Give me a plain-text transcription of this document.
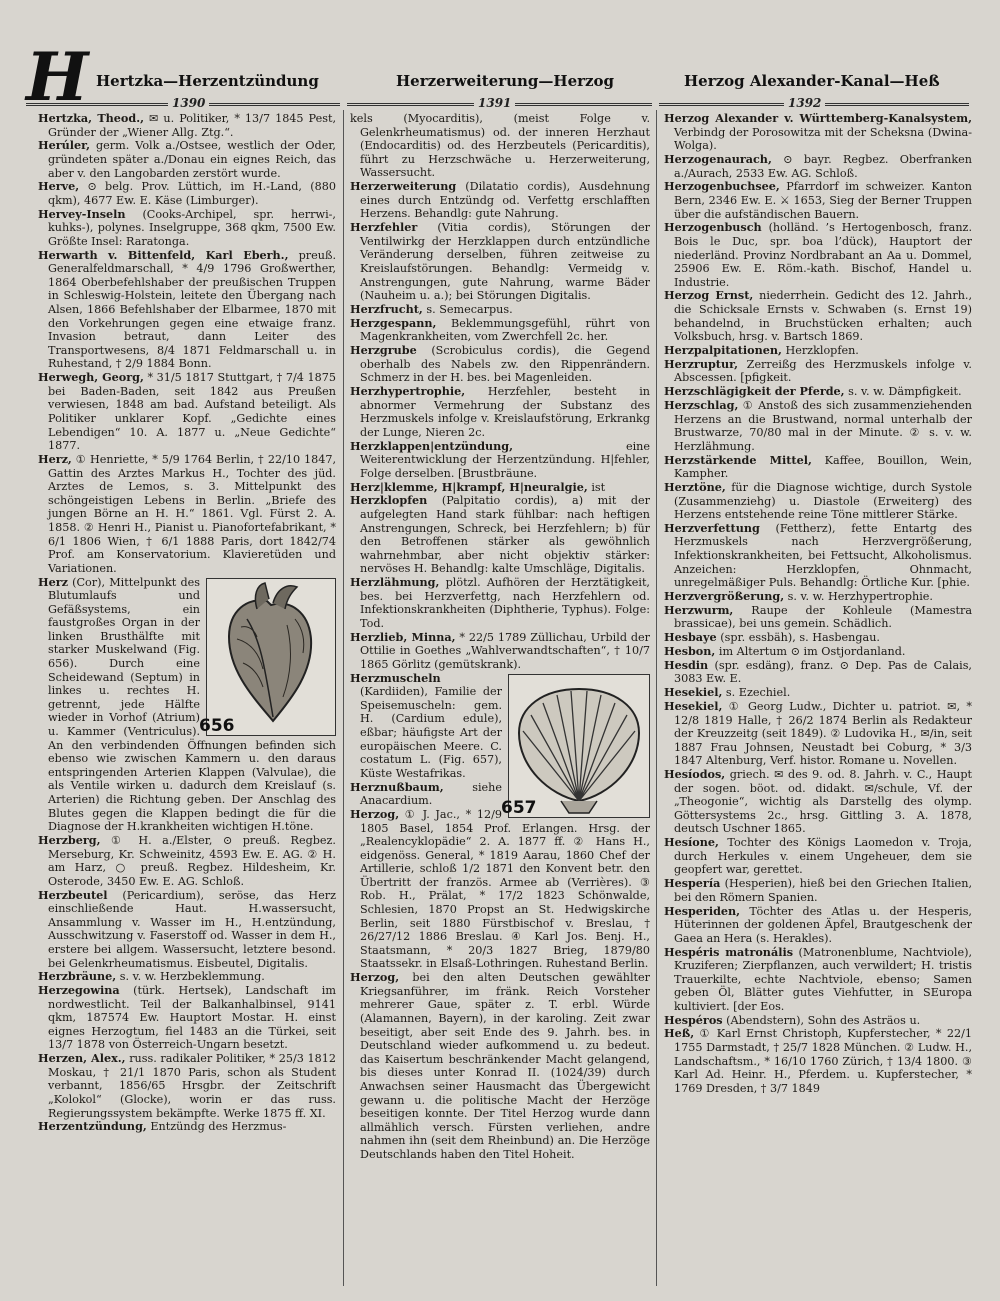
H Hertzka—Herzentzündung	Herzerweiterung—Herzog	Herzog Alexander-Kanal—Heß
1390	1391	1392

Hertzka, Theod., ✉ u. Politiker, * 13/7 1845 Pest, Gründer der „Wiener Allg. Ztg.“.

Herúler, germ. Volk a./Ostsee, westlich der Oder, gründeten später a./Donau ein eignes Reich, das aber v. den Langobarden zerstört wurde.

Herve, ⊙ belg. Prov. Lüttich, im H.-Land, (880 qkm), 4677 Ew. E. Käse (Limburger).

Hervey-Inseln (Cooks-Archipel, spr. herrwi-, kuhks-), polynes. Inselgruppe, 368 qkm, 7500 Ew. Größte Insel: Raratonga.

Herwarth v. Bittenfeld, Karl Eberh., preuß. Generalfeldmarschall, * 4/9 1796 Großwerther, 1864 Oberbefehlshaber der preußischen Truppen in Schleswig-Holstein, leitete den Übergang nach Alsen, 1866 Befehlshaber der Elbarmee, 1870 mit den Vorkehrungen gegen eine etwaige franz. Invasion betraut, dann Leiter des Transportwesens, 8/4 1871 Feldmarschall u. in Ruhestand, † 2/9 1884 Bonn.

Herwegh, Georg, * 31/5 1817 Stuttgart, † 7/4 1875 bei Baden-Baden, seit 1842 aus Preußen verwiesen, 1848 am bad. Aufstand beteiligt. Als Politiker unklarer Kopf. „Gedichte eines Lebendigen“ 10. A. 1877 u. „Neue Gedichte“ 1877.

Herz, ① Henriette, * 5/9 1764 Berlin, † 22/10 1847, Gattin des Arztes Markus H., Tochter des jüd. Arztes de Lemos, s. 3. Mittelpunkt des schöngeistigen Lebens in Berlin. „Briefe des jungen Börne an H. H.“ 1861. Vgl. Fürst 2. A. 1858. ② Henri H., Pianist u. Pianofortefabrikant, * 6/1 1806 Wien, † 6/1 1888 Paris, dort 1842/74 Prof. am Konservatorium. Klavieretüden und Variationen.

656
Herz (Cor), Mittelpunkt des Blutumlaufs und Gefäßsystems, ein faustgroßes Organ in der linken Brusthälfte mit starker Muskelwand (Fig. 656). Durch eine Scheidewand (Septum) in linkes u. rechtes H. getrennt, jede Hälfte wieder in Vorhof (Atrium) u. Kammer (Ventriculus). An den verbindenden Öffnungen befinden sich ebenso wie zwischen Kammern u. den daraus entspringenden Arterien Klappen (Valvulae), die als Ventile wirken u. dadurch dem Kreislauf (s. Arterien) die Richtung geben. Der Anschlag des Blutes gegen die Klappen bedingt die für die Diagnose der H.krankheiten wichtigen H.töne.

Herzberg, ① H. a./Elster, ⊙ preuß. Regbez. Merseburg, Kr. Schweinitz, 4593 Ew. E. AG. ② H. am Harz, ○ preuß. Regbez. Hildesheim, Kr. Osterode, 3450 Ew. E. AG. Schloß.

Herzbeutel (Pericardium), seröse, das Herz einschließende Haut. H.wassersucht, Ansammlung v. Wasser im H., H.entzündung, Ausschwitzung v. Faserstoff od. Wasser in dem H., erstere bei allgem. Wassersucht, letztere besond. bei Gelenkrheumatismus. Eisbeutel, Digitalis.

Herzbräune, s. v. w. Herzbeklemmung.

Herzegowina (türk. Hertsek), Landschaft im nordwestlicht. Teil der Balkanhalbinsel, 9141 qkm, 187574 Ew. Hauptort Mostar. H. einst eignes Herzogtum, fiel 1483 an die Türkei, seit 13/7 1878 von Österreich-Ungarn besetzt.

Herzen, Alex., russ. radikaler Politiker, * 25/3 1812 Moskau, † 21/1 1870 Paris, schon als Student verbannt, 1856/65 Hrsgbr. der Zeitschrift „Kolokol“ (Glocke), worin er das russ. Regierungssystem bekämpfte. Werke 1875 ff. XI.

Herzentzündung, Entzündg des Herzmus-

kels (Myocarditis), (meist Folge v. Gelenkrheumatismus) od. der inneren Herzhaut (Endocarditis) od. des Herzbeutels (Pericarditis), führt zu Herzschwäche u. Herzerweiterung, Wassersucht.

Herzerweiterung (Dilatatio cordis), Ausdehnung eines durch Entzündg od. Verfettg erschlafften Herzens. Behandlg: gute Nahrung.

Herzfehler (Vitia cordis), Störungen der Ventilwirkg der Herzklappen durch entzündliche Veränderung derselben, führen zeitweise zu Kreislaufstörungen. Behandlg: Vermeidg v. Anstrengungen, gute Nahrung, warme Bäder (Nauheim u. a.); bei Störungen Digitalis.

Herzfrucht, s. Semecarpus.

Herzgespann, Beklemmungsgefühl, rührt von Magenkrankheiten, vom Zwerchfell 2c. her.

Herzgrube (Scrobiculus cordis), die Gegend oberhalb des Nabels zw. den Rippenrändern. Schmerz in der H. bes. bei Magenleiden.

Herzhypertrophie, Herzfehler, besteht in abnormer Vermehrung der Substanz des Herzmuskels infolge v. Kreislaufstörung, Erkrankg der Lunge, Nieren 2c.

Herzklappen|entzündung, eine Weiterentwicklung der Herzentzündung. H|fehler, Folge derselben. [Brustbräune.

Herz|klemme, H|krampf, H|neuralgie, ist

Herzklopfen (Palpitatio cordis), a) mit der aufgelegten Hand stark fühlbar: nach heftigen Anstrengungen, Schreck, bei Herzfehlern; b) für den Betroffenen stärker als gewöhnlich wahrnehmbar, aber nicht objektiv stärker: nervöses H. Behandlg: kalte Umschläge, Digitalis.

Herzlähmung, plötzl. Aufhören der Herztätigkeit, bes. bei Herzverfettg, nach Herzfehlern od. Infektionskrankheiten (Diphtherie, Typhus). Folge: Tod.

Herzlieb, Minna, * 22/5 1789 Züllichau, Urbild der Ottilie in Goethes „Wahlverwandtschaften“, † 10/7 1865 Görlitz (gemütskrank).

657
Herzmuscheln (Kardiiden), Familie der Speisemuscheln: gem. H. (Cardium edule), eßbar; häufigste Art der europäischen Meere. C. costatum L. (Fig. 657), Küste Westafrikas.

Herznußbaum, siehe Anacardium.

Herzog, ① J. Jac., * 12/9 1805 Basel, 1854 Prof. Erlangen. Hrsg. der „Realencyklopädie“ 2. A. 1877 ff. ② Hans H., eidgenöss. General, * 1819 Aarau, 1860 Chef der Artillerie, schloß 1/2 1871 den Konvent betr. den Übertritt der französ. Armee ab (Verrières). ③ Rob. H., Prälat, * 17/2 1823 Schönwalde, Schlesien, 1870 Propst an St. Hedwigskirche Berlin, seit 1880 Fürstbischof v. Breslau, † 26/27/12 1886 Breslau. ④ Karl Jos. Benj. H., Staatsmann, * 20/3 1827 Brieg, 1879/80 Staatssekr. in Elsaß-Lothringen. Ruhestand Berlin.

Herzog, bei den alten Deutschen gewählter Kriegsanführer, im fränk. Reich Vorsteher mehrerer Gaue, später z. T. erbl. Würde (Alamannen, Bayern), in der karoling. Zeit zwar beseitigt, aber seit Ende des 9. Jahrh. bes. in Deutschland wieder aufkommend u. zu bedeut. das Kaisertum beschränkender Macht gelangend, bis dieses unter Konrad II. (1024/39) durch Anwachsen seiner Hausmacht das Übergewicht gewann u. die politische Macht der Herzöge beseitigen konnte. Der Titel Herzog wurde dann allmählich versch. Fürsten verliehen, andre nahmen ihn (seit dem Rheinbund) an. Die Herzöge Deutschlands haben den Titel Hoheit.

Herzog Alexander v. Württemberg-Kanalsystem, Verbindg der Porosowitza mit der Scheksna (Dwina-Wolga).

Herzogenaurach, ⊙ bayr. Regbez. Oberfranken a./Aurach, 2533 Ew. AG. Schloß.

Herzogenbuchsee, Pfarrdorf im schweizer. Kanton Bern, 2346 Ew. E. ⚔ 1653, Sieg der Berner Truppen über die aufständischen Bauern.

Herzogenbusch (holländ. ’s Hertogenbosch, franz. Bois le Duc, spr. boa l’dück), Hauptort der niederländ. Provinz Nordbrabant an Aa u. Dommel, 25906 Ew. E. Röm.-kath. Bischof, Handel u. Industrie.

Herzog Ernst, niederrhein. Gedicht des 12. Jahrh., die Schicksale Ernsts v. Schwaben (s. Ernst 19) behandelnd, in Bruchstücken erhalten; auch Volksbuch, hrsg. v. Bartsch 1869.

Herzpalpitationen, Herzklopfen.

Herzruptur, Zerreißg des Herzmuskels infolge v. Abscessen. [pfigkeit.

Herzschlägigkeit der Pferde, s. v. w. Dämpfigkeit.

Herzschlag, ① Anstoß des sich zusammenziehenden Herzens an die Brustwand, normal unterhalb der Brustwarze, 70/80 mal in der Minute. ② s. v. w. Herzlähmung.

Herzstärkende Mittel, Kaffee, Bouillon, Wein, Kampher.

Herztöne, für die Diagnose wichtige, durch Systole (Zusammenziehg) u. Diastole (Erweiterg) des Herzens entstehende reine Töne mittlerer Stärke.

Herzverfettung (Fettherz), fette Entartg des Herzmuskels nach Herzvergrößerung, Infektionskrankheiten, bei Fettsucht, Alkoholismus. Anzeichen: Herzklopfen, Ohnmacht, unregelmäßiger Puls. Behandlg: Örtliche Kur. [phie.

Herzvergrößerung, s. v. w. Herzhypertrophie.

Herzwurm, Raupe der Kohleule (Mamestra brassicae), bei uns gemein. Schädlich.

Hesbaye (spr. essbäh), s. Hasbengau.

Hesbon, im Altertum ⊙ im Ostjordanland.

Hesdin (spr. esdäng), franz. ⊙ Dep. Pas de Calais, 3083 Ew. E.

Hesekiel, s. Ezechiel.

Hesekiel, ① Georg Ludw., Dichter u. patriot. ✉, * 12/8 1819 Halle, † 26/2 1874 Berlin als Redakteur der Kreuzzeitg (seit 1849). ② Ludovika H., ✉/in, seit 1887 Frau Johnsen, Neustadt bei Coburg, * 3/3 1847 Altenburg, Verf. histor. Romane u. Novellen.

Hesíodos, griech. ✉ des 9. od. 8. Jahrh. v. C., Haupt der sogen. böot. od. didakt. ✉/schule, Vf. der „Theogonie“, wichtig als Darstellg des olymp. Göttersystems 2c., hrsg. Gittling 3. A. 1878, deutsch Uschner 1865.

Hesíone, Tochter des Königs Laomedon v. Troja, durch Herkules v. einem Ungeheuer, dem sie geopfert war, gerettet.

Hespería (Hesperien), hieß bei den Griechen Italien, bei den Römern Spanien.

Hesperiden, Töchter des Atlas u. der Hesperis, Hüterinnen der goldenen Äpfel, Brautgeschenk der Gaea an Hera (s. Herakles).

Hespéris matronális (Matronenblume, Nachtviole), Kruziferen; Zierpflanzen, auch verwildert; H. tristis Trauerkilte, echte Nachtviole, ebenso; Samen geben Öl, Blätter gutes Viehfutter, in SEuropa kultiviert. [der Eos.

Hespéros (Abendstern), Sohn des Asträos u.

Heß, ① Karl Ernst Christoph, Kupferstecher, * 22/1 1755 Darmstadt, † 25/7 1828 München. ② Ludw. H., Landschaftsm., * 16/10 1760 Zürich, † 13/4 1800. ③ Karl Ad. Heinr. H., Pferdem. u. Kupferstecher, * 1769 Dresden, † 3/7 1849
